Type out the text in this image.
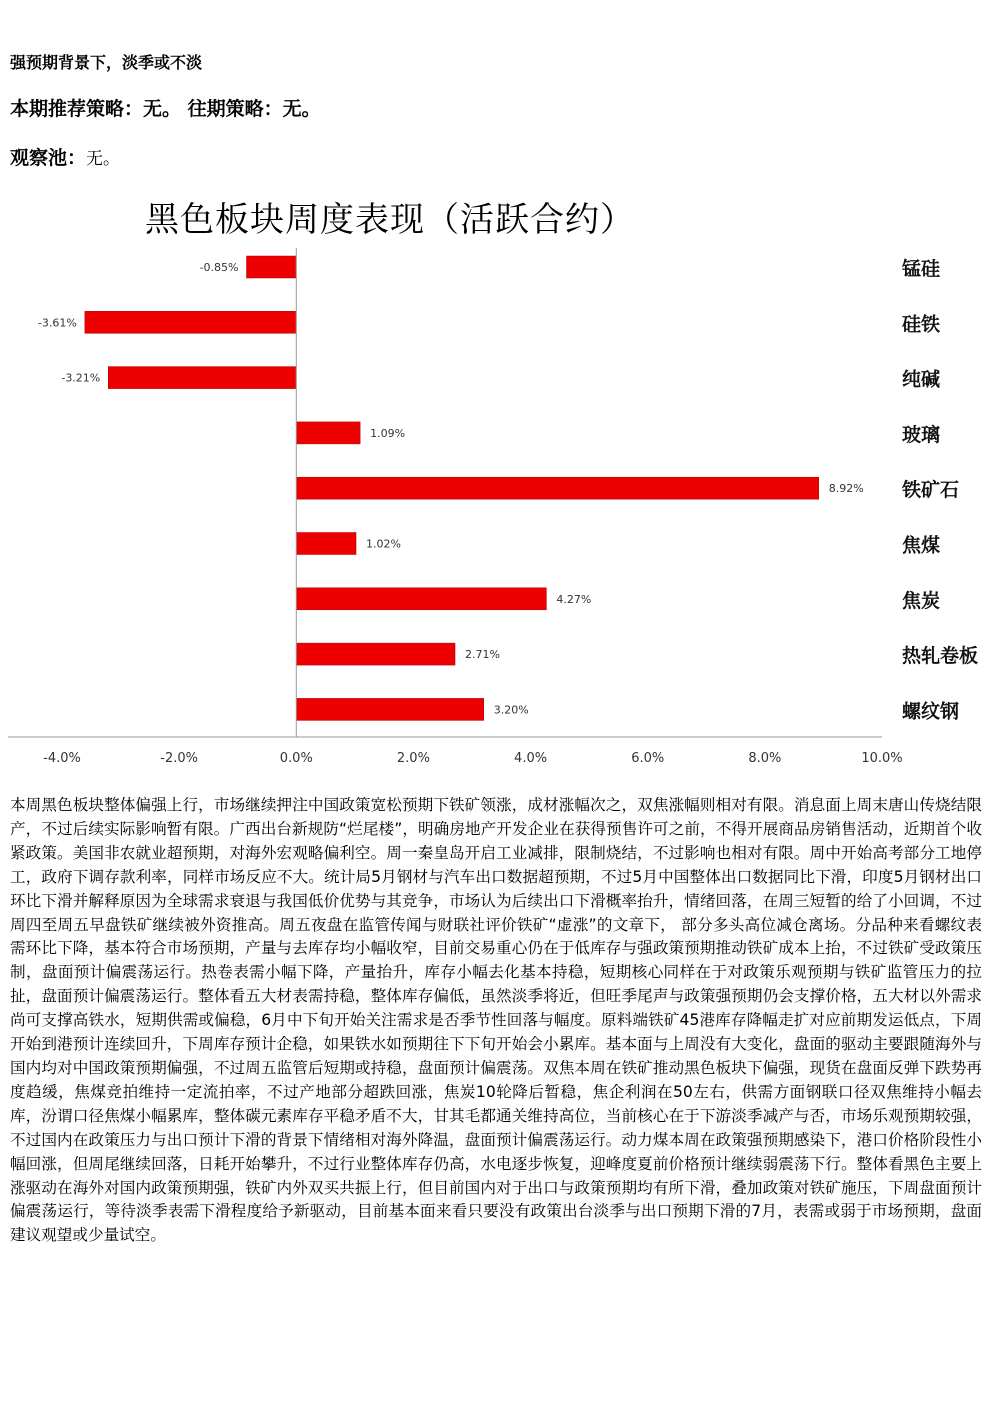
强预期背景下，淡季或不淡
本期推荐策略：无。 往期策略：无。
观察池：无。
黑色板块周度表现（活跃合约）
-0.85%	锰硅
-3.61%	硅铁
-3.21%	纯碱
1.09%	玻璃
8.92% 铁矿石
1.02%	焦煤
4.27%	焦炭
2.71%	热轧卷板
3.20%	螺纹钢
-4.0%	-2.0%	0.0%	2.0%	4.0%	6.0%	8.0%	10.0%
本周黑色板块整体偏强上行，市场继续押注中国政策宽松预期下铁矿领涨，成材涨幅次之，双焦涨幅则相对有限。消息面上周末唐山传烧结限产，不过后续实际影响暂有限。广西出台新规防“烂尾楼”，明确房地产开发企业在获得预售许可之前，不得开展商品房销售活动，近期首个收紧政策。美国非农就业超预期，对海外宏观略偏利空。周一秦皇岛开启工业减排，限制烧结，不过影响也相对有限。周中开始高考部分工地停工，政府下调存款利率，同样市场反应不大。统计局5月钢材与汽车出口数据超预期，不过5月中国整体出口数据同比下滑，印度5月钢材出口环比下滑并解释原因为全球需求衰退与我国低价优势与其竞争，市场认为后续出口下滑概率抬升，情绪回落，在周三短暂的给了小回调，不过周四至周五早盘铁矿继续被外资推高。周五夜盘在监管传闻与财联社评价铁矿“虚涨”的文章下， 部分多头高位减仓离场。分品种来看螺纹表需环比下降，基本符合市场预期，产量与去库存均小幅收窄，目前交易重心仍在于低库存与强政策预期推动铁矿成本上抬，不过铁矿受政策压制，盘面预计偏震荡运行。热卷表需小幅下降，产量抬升，库存小幅去化基本持稳，短期核心同样在于对政策乐观预期与铁矿监管压力的拉扯，盘面预计偏震荡运行。整体看五大材表需持稳，整体库存偏低，虽然淡季将近，但旺季尾声与政策强预期仍会支撑价格，五大材以外需求尚可支撑高铁水，短期供需或偏稳，6月中下旬开始关注需求是否季节性回落与幅度。原料端铁矿45港库存降幅走扩对应前期发运低点，下周开始到港预计连续回升，下周库存预计企稳，如果铁水如预期往下下旬开始会小累库。基本面与上周没有大变化，盘面的驱动主要跟随海外与国内均对中国政策预期偏强，不过周五监管后短期或持稳，盘面预计偏震荡。双焦本周在铁矿推动黑色板块下偏强，现货在盘面反弹下跌势再度趋缓，焦煤竞拍维持一定流拍率，不过产地部分超跌回涨，焦炭10轮降后暂稳，焦企利润在50左右，供需方面钢联口径双焦维持小幅去库，汾谓口径焦煤小幅累库，整体碳元素库存平稳矛盾不大，甘其毛都通关维持高位，当前核心在于下游淡季减产与否，市场乐观预期较强，不过国内在政策压力与出口预计下滑的背景下情绪相对海外降温，盘面预计偏震荡运行。动力煤本周在政策强预期感染下，港口价格阶段性小幅回涨，但周尾继续回落，日耗开始攀升，不过行业整体库存仍高，水电逐步恢复，迎峰度夏前价格预计继续弱震荡下行。整体看黑色主要上涨驱动在海外对国内政策预期强，铁矿内外双买共振上行，但目前国内对于出口与政策预期均有所下滑，叠加政策对铁矿施压，下周盘面预计偏震荡运行，等待淡季表需下滑程度给予新驱动，目前基本面来看只要没有政策出台淡季与出口预期下滑的7月，表需或弱于市场预期，盘面建议观望或少量试空。
